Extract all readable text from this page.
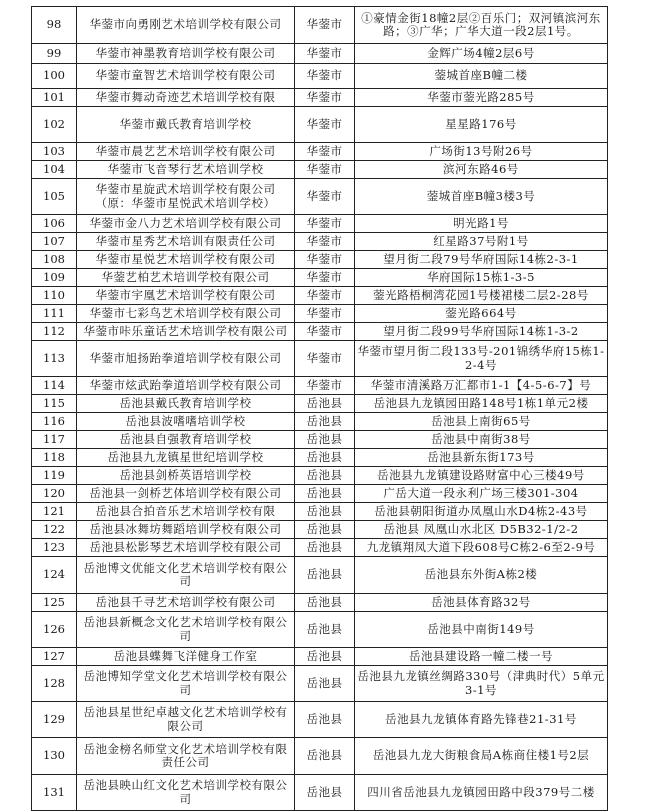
98	华蓥市向勇刚艺术培训学校有限公司	华蓥市	①豪情金街18幢2层②百乐门；双河镇滨河东路；③广华；广华大道一段2层1号。
99	华蓥市神墨教育培训学校有限公司	华蓥市	金辉广场4幢2层6号
100	华蓥市童智艺术培训学校有限公司	华蓥市	蓥城首座B幢二楼
101	华蓥市舞动奇迹艺术培训学校有限	华蓥市	华蓥市蓥光路285号
102	华蓥市戴氏教育培训学校	华蓥市	星星路176号
103	华蓥市晨艺艺术培训学校有限公司	华蓥市	广场街13号附26号
104	华蓥市飞音琴行艺术培训学校	华蓥市	滨河东路46号
105	华蓥市星旋武术培训学校有限公司（原：华蓥市星悦武术培训学校）	华蓥市	蓥城首座B幢3楼3号
106	华蓥市金八力艺术培训学校有限公司	华蓥市	明光路1号
107	华蓥市星秀艺术培训有限责任公司	华蓥市	红星路37号附1号
108	华蓥市星悦艺术培训学校有限公司	华蓥市	望月街二段79号华府国际14栋2-3-1
109	华蓥艺柏艺术培训学校有限公司	华蓥市	华府国际15栋1-3-5
110	华蓥市宇凰艺术培训学校有限公司	华蓥市	蓥光路梧桐湾花园1号楼裙楼二层2-28号
111	华蓥市七彩鸟艺术培训学校有限公司	华蓥市	蓥光路664号
112	华蓥市咔乐童话艺术培训学校有限公司	华蓥市	望月街二段99号华府国际14栋1-3-2
113	华蓥市旭扬跆拳道培训学校有限公司	华蓥市	华蓥市望月街二段133号-201锦绣华府15栋1-2-4号
114	华蓥市炫武跆拳道培训学校有限公司	华蓥市	华蓥市清溪路万汇都市1-1【4-5-6-7】号
115	岳池县戴氏教育培训学校	岳池县	岳池县九龙镇园田路148号1栋1单元2楼
116	岳池县波嗜嗜培训学校	岳池县	岳池县上南街65号
117	岳池县自强教育培训学校	岳池县	岳池县中南街38号
118	岳池县九龙镇星世纪培训学校	岳池县	岳池县新东街173号
119	岳池县剑桥英语培训学校	岳池县	岳池县九龙镇建设路财富中心三楼49号
120	岳池县一剑桥艺体培训学校有限公司	岳池县	广岳大道一段永利广场三楼301-304
121	岳池县合拍音乐艺术培训学校有限	岳池县	岳池县朝阳街道办凤凰山水D4栋2-43号
122	岳池县冰舞坊舞蹈培训学校有限公司	岳池县	岳池县 凤凰山水北区 D5B32-1/2-2
123	岳池县松影琴艺术培训学校有限公司	岳池县	九龙镇翔凤大道下段608号C栋2-6至2-9号
124	岳池博文优能文化艺术培训学校有限公司	岳池县	岳池县东外街A栋2楼
125	岳池县千寻艺术培训学校有限公司	岳池县	岳池县体育路32号
126	岳池县新概念文化艺术培训学校有限公司	岳池县	岳池县中南街149号
127	岳池县蝶舞飞洋健身工作室	岳池县	岳池县建设路一幢二楼一号
128	岳池博知学堂文化艺术培训学校有限公司	岳池县	岳池县九龙镇丝绸路330号（津典时代）5单元3-1号
129	岳池县星世纪卓越文化艺术培训学校有限公司	岳池县	岳池县九龙镇体育路先锋巷21-31号
130	岳池金榜名师堂文化艺术培训学校有限责任公司	岳池县	岳池县九龙大街粮食局A栋商住楼1号2层
131	岳池县映山红文化艺术培训学校有限公司	岳池县	四川省岳池县九龙镇园田路中段379号二楼
